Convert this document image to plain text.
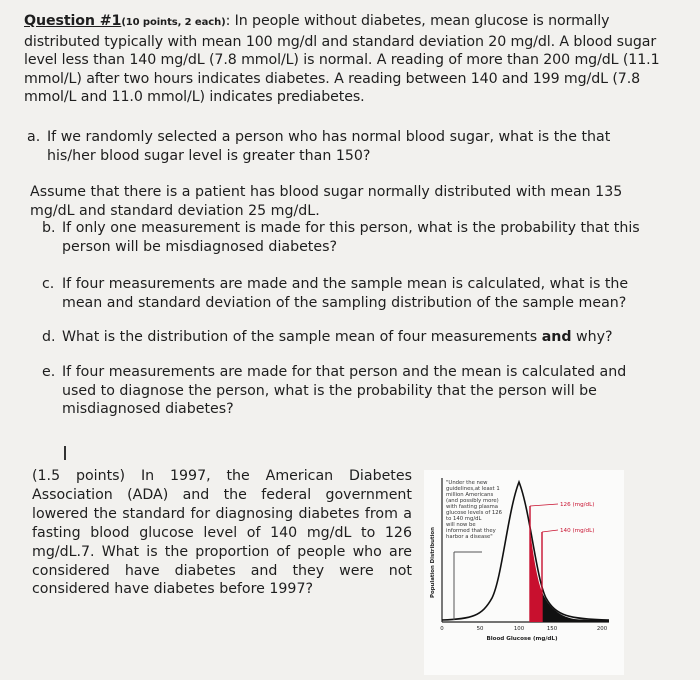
Question #1(10 points, 2 each): In people without diabetes, mean glucose is normally distributed typically with mean 100 mg/dl and standard deviation 20 mg/dl. A blood sugar level less than 140 mg/dL (7.8 mmol/L) is normal. A reading of more than 200 mg/dL (11.1 mmol/L) after two hours indicates diabetes. A reading between 140 and 199 mg/dL (7.8 mmol/L and 11.0 mmol/L) indicates prediabetes.
a. If we randomly selected a person who has normal blood sugar, what is the that his/her blood sugar level is greater than 150?
Assume that there is a patient has blood sugar normally distributed with mean 135 mg/dL and standard deviation 25 mg/dL.
b. If only one measurement is made for this person, what is the probability that this person will be misdiagnosed diabetes?
c. If four measurements are made and the sample mean is calculated, what is the mean and standard deviation of the sampling distribution of the sample mean?
d. What is the distribution of the sample mean of four measurements and why?
e. If four measurements are made for that person and the mean is calculated and used to diagnose the person, what is the probability that the person will be misdiagnosed diabetes?
(1.5 points) In 1997, the American Diabetes Association (ADA) and the federal government lowered the standard for diagnosing diabetes from a fasting blood glucose level of 140 mg/dL to 126 mg/dL.7. What is the proportion of people who are considered have diabetes and they were not considered have diabetes before 1997?
"Under the new
guidelines,at least 1
million Americans
(and possibly more)
with fasting plasma
glucose levels of 126
to 140 mg/dL
will now be
informed that they
harbor a disease"
126 (mg/dL)
140 (mg/dL)
Population Distribution
0	50	100	150	200
Blood Glucose (mg/dL)
